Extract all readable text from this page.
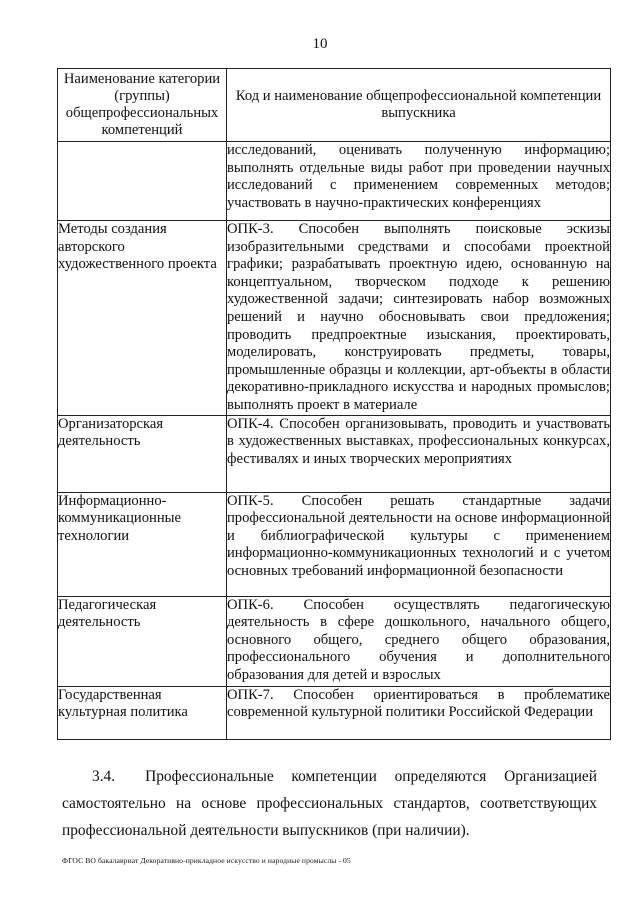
10
Наименование категории (группы) общепрофессиональных компетенций	Код и наименование общепрофессиональной компетенции выпускника
	исследований, оценивать полученную информацию; выполнять отдельные виды работ при проведении научных исследований с применением современных методов; участвовать в научно-практических конференциях
Методы создания авторского художественного проекта	ОПК-3. Способен выполнять поисковые эскизы изобразительными средствами и способами проектной графики; разрабатывать проектную идею, основанную на концептуальном, творческом подходе к решению художественной задачи; синтезировать набор возможных решений и научно обосновывать свои предложения; проводить предпроектные изыскания, проектировать, моделировать, конструировать предметы, товары, промышленные образцы и коллекции, арт-объекты в области декоративно-прикладного искусства и народных промыслов; выполнять проект в материале
Организаторская деятельность	ОПК-4. Способен организовывать, проводить и участвовать в художественных выставках, профессиональных конкурсах, фестивалях и иных творческих мероприятиях
Информационно-коммуникационные технологии	ОПК-5. Способен решать стандартные задачи профессиональной деятельности на основе информационной и библиографической культуры с применением информационно-коммуникационных технологий и с учетом основных требований информационной безопасности
Педагогическая деятельность	ОПК-6. Способен осуществлять педагогическую деятельность в сфере дошкольного, начального общего, основного общего, среднего общего образования, профессионального обучения и дополнительного образования для детей и взрослых
Государственная культурная политика	ОПК-7. Способен ориентироваться в проблематике современной культурной политики Российской Федерации
3.4. Профессиональные компетенции определяются Организацией самостоятельно на основе профессиональных стандартов, соответствующих профессиональной деятельности выпускников (при наличии).
ФГОС ВО бакалавриат Декоративно-прикладное искусство и народные промыслы - 05
